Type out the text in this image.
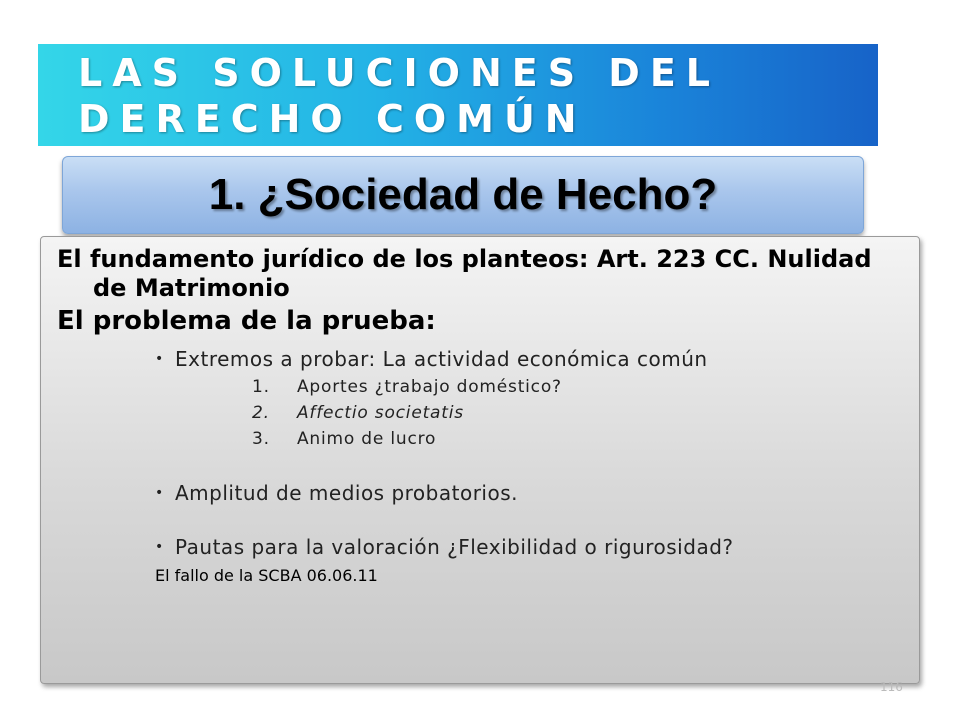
LAS SOLUCIONES DEL
DERECHO COMÚN
1. ¿Sociedad de Hecho?

El fundamento jurídico de los planteos: Art. 223 CC. Nulidad de Matrimonio

El problema de la prueba:

• Extremos a probar: La actividad económica común
1. Aportes ¿trabajo doméstico?
2. Affectio societatis
3. Animo de lucro
• Amplitud de medios probatorios.
• Pautas para la valoración ¿Flexibilidad o rigurosidad?
El fallo de la SCBA 06.06.11
116
